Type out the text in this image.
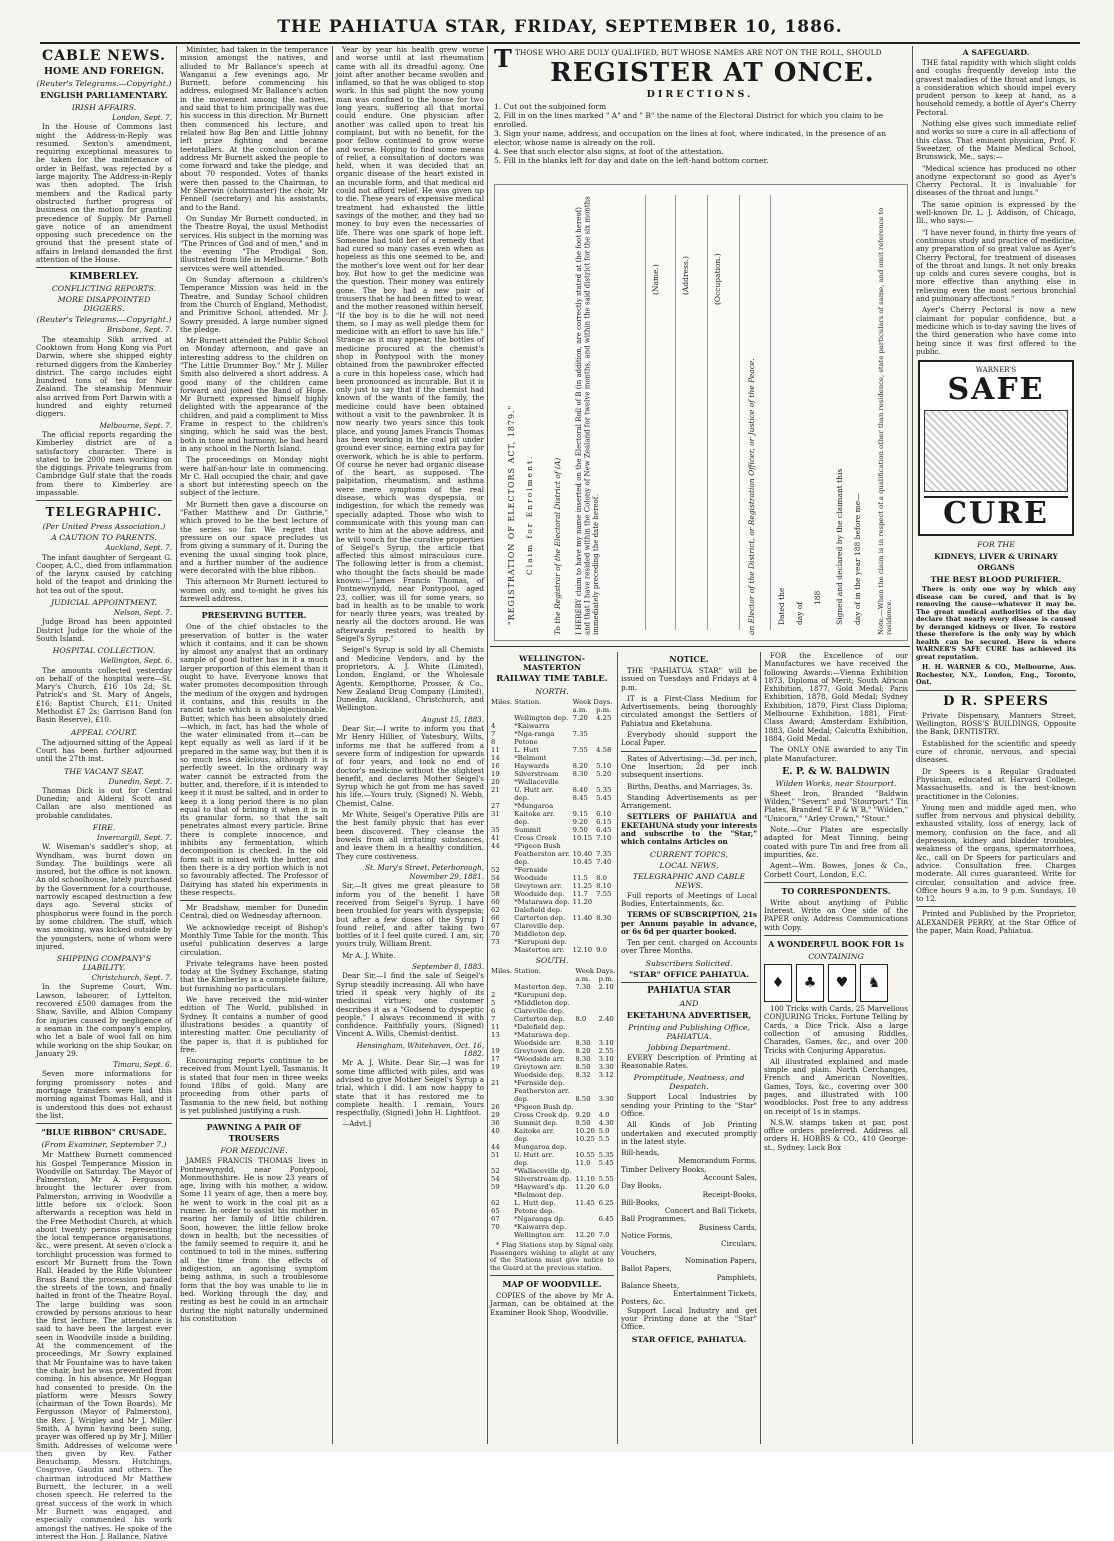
THE PAHIATUA STAR, FRIDAY, SEPTEMBER 10, 1886.
CABLE NEWS.
HOME AND FOREIGN.
(Reuter's Telegrams.—Copyright.)
ENGLISH PARLIAMENTARY.
IRISH AFFAIRS.
London, Sept. 7.

In the House of Commons last night the Address-in-Reply was resumed. Sexton's amendment, requiring exceptional measures to be taken for the maintenance of order in Belfast, was rejected by a large majority. The Address-in-Reply was then adopted. The Irish members and the Radical party obstructed further progress of business on the motion for granting precedence of Supply. Mr Parnell gave notice of an amendment opposing such precedence on the ground that the present state of affairs in Ireland demanded the first attention of the House.

KIMBERLEY.
CONFLICTING REPORTS.
MORE DISAPPOINTED DIGGERS.
(Reuter's Telegrams.—Copyright.)
Brisbane, Sept. 7.

The steamship Sikh arrived at Cooktown from Hong Kong via Port Darwin, where she shipped eighty returned diggers from the Kimberley district. The cargo includes eight hundred tons of tea for New Zealand. The steamship Menmuir also arrived from Port Darwin with a hundred and eighty returned diggers.

Melbourne, Sept. 7.

The official reports regarding the Kimberley district are of a satisfactory character. There is stated to be 2000 men working on the diggings. Private telegrams from Cambridge Gulf state that the roads from there to Kimberley are impassable.

TELEGRAPHIC.
(Per United Press Association.)
A CAUTION TO PARENTS.
Auckland, Sept. 7.

The infant daughter of Sergeant G. Cooper, A.C., died from inflammation of the larynx caused by catching hold of the teapot and drinking the hot tea out of the spout.

JUDICIAL APPOINTMENT.
Nelson, Sept. 7.

Judge Broad has been appointed District Judge for the whole of the South Island.

HOSPITAL COLLECTION.
Wellington, Sept. 6.

The amounts collected yesterday on behalf of the hospital were—St. Mary's Church, £16 10s 2d; St. Patrick's and St. Mary of Angels, £16; Baptist Church, £11; United Methodist £7 2s; Garrison Band (on Basin Reserve), £10.

APPEAL COURT.

The adjourned sitting of the Appeal Court has been further adjourned until the 27th inst.

THE VACANT SEAT.
Dunedin, Sept. 7.

Thomas Dick is out for Central Dunedin; and Alderal Scott and Callan are also mentioned as probable candidates.

FIRE.
Invercargill, Sept. 7.

W. Wiseman's saddler's shop, at Wyndham, was burnt down on Sunday. The buildings were all insured, but the office is not known. An old schoolhouse, lately purchased by the Government for a courthouse, narrowly escaped destruction a few days ago. Several sticks of phosphorus were found in the porch by some children. The stuff, which was smoking, was kicked outside by the youngsters, none of whom were injured.

SHIPPING COMPANY'S LIABILITY.
Christchurch, Sept. 7.

In the Supreme Court, Wm. Lawson, labourer, of Lyttelton, recovered £500 damages from the Shaw, Saville, and Albion Company for injuries caused by negligence of a seaman in the company's employ, who let a bale of wool fall on him while working on the ship Soukar, on January 29.

Timaru, Sept. 6.

Seven more informations for forging promissory notes and mortgage transfers were laid this morning against Thomas Hall, and it is understood this does not exhaust the list.

"BLUE RIBBON" CRUSADE.
(From Examiner, September 7.)

Mr Matthew Burnett commenced his Gospel Temperance Mission in Woodville on Saturday. The Mayor of Palmerston, Mr A. Fergusson, brought the lecturer over from Palmerston, arriving in Woodville a little before six o'clock. Soon afterwards a reception was held in the Free Methodist Church, at which about twenty persons representing the local temperance organisations, &c., were present. At seven o'clock a torchlight procession was formed to escort Mr Burnett from the Town Hall. Headed by the Rifle Volunteer Brass Band the procession paraded the streets of the town, and finally halted in front of the Theatre Royal. The large building was soon crowded by persons anxious to hear the first lecture. The attendance is said to have been the largest ever seen in Woodville inside a building. At the commencement of the proceedings, Mr Sowry explained that Mr Fountaine was to have taken the chair, but he was prevented from coming. In his absence, Mr Hoggan had consented to preside. On the platform were Messrs Sowry (chairman of the Town Boards), Mr Fergusson (Mayor of Palmerston), the Rev. J. Wrigley and Mr J. Miller Smith. A hymn having been sung, prayer was offered up by Mr J. Miller Smith. Addresses of welcome were then given by Rev. Father Beauchamp, Messrs. Hutchings, Cosgrove, Gaudin and others. The chairman introduced Mr Matthew Burnett, the lecturer, in a well chosen speech. He referred to the great success of the work in which Mr Burnett was engaged, and especially commended his work amongst the natives. He spoke of the interest the Hon. J. Ballance, Native

Minister, had taken in the temperance mission amongst the natives, and alluded to Mr Ballance's speech at Wanganui a few evenings ago. Mr Burnett, before commencing his address, eulogised Mr Ballance's action in the movement among the natives, and said that to him principally was due his success in this direction. Mr Burnett then commenced his lecture, and related how Big Ben and Little Johnny left prize fighting and became teetotallers. At the conclusion of the address Mr Burnett asked the people to come forward and take the pledge, and about 70 responded. Votes of thanks were then passed to the Chairman, to Mr Sherwin (choirmaster) the choir, Mr Fennell (secretary) and his assistants, and to the Band.

On Sunday Mr Burnett conducted, in the Theatre Royal, the usual Methodist services. His subject in the morning was "The Princes of God and of men," and in the evening "The Prodigal Son, illustrated from life in Melbourne." Both services were well attended.

On Sunday afternoon a children's Temperance Mission was held in the Theatre, and Sunday School children from the Church of England, Methodist, and Primitive School, attended. Mr J. Sowry presided. A large number signed the pledge.

Mr Burnett attended the Public School on Monday afternoon, and gave an interesting address to the children on "The Little Drummer Boy." Mr J. Miller Smith also delivered a short address. A good many of the children came forward and joined the Band of Hope. Mr Burnett expressed himself highly delighted with the appearance of the children, and paid a compliment to Miss Frame in respect to the children's singing, which he said was the best, both in tone and harmony, he had heard in any school in the North Island.

The proceedings on Monday night were half-an-hour late in commencing. Mr C. Hall occupied the chair, and gave a short but interesting speech on the subject of the lecture.

Mr Burnett then gave a discourse on "Father Matthew and Dr Guthrie," which proved to be the best lecture of the series so far. We regret that pressure on our space precludes us from giving a summary of it. During the evening the usual singing took place, and a further number of the audience were decorated with the blue ribbon.

This afternoon Mr Burnett lectured to women only, and to-night he gives his farewell address.

PRESERVING BUTTER.

One of the chief obstacles to the preservation of butter is the water which it contains, and it can be shown by almost any analyst that an ordinary sample of good butter has in it a much larger proportion of this element than it ought to have. Everyone knows that water promotes decomposition through the medium of the oxygen and hydrogen it contains, and this results in the rancid taste which is so objectionable. Butter, which has been absolutely dried—which, in fact, has had the whole of the water eliminated from it—can be kept equally as well as lard if it be prepared in the same way, but then it is so much less delicious, although it is perfectly sweet. In the ordinary way water cannot be extracted from the butter, and, therefore, if it is intended to keep it it must be salted, and in order to keep it a long period there is no plan equal to that of brining it when it is in its granular form, so that the salt penetrates almost every particle. Brine there is complete innocence, and inhibits any fermentation, which decomposition is checked. In the old form salt is mixed with the butter, and then there is a dry portion which is not so favourably affected. The Professor of Dairying has stated his experiments in these respects.

Mr Bradshaw, member for Dunedin Central, died on Wednesday afternoon.

We acknowledge receipt of Bishop's Monthly Time Table for the month. This useful publication deserves a large circulation.

Private telegrams have been posted today at the Sydney Exchange, stating that the Kimberley is a complete failure, but furnishing no particulars.

We have received the mid-winter edition of The World, published in Sydney. It contains a number of good illustrations besides a quantity of interesting matter. One peculiarity of the paper is, that it is published for free.

Encouraging reports continue to be received from Mount Lyell, Tasmania. It is stated that four men in three weeks found 18lbs of gold. Many are proceeding from other parts of Tasmania to the new field, but nothing is yet published justifying a rush.

PAWNING A PAIR OF TROUSERS
FOR MEDICINE.

JAMES FRANCIS THOMAS lives in Pontnewynydd, near Pontypool, Monmouthshire. He is now 23 years of age, living with his mother, a widow. Some 11 years of age, then a mere boy, he went to work in the coal pit as a runner. In order to assist his mother in rearing her family of little children. Soon, however, the little fellow broke down in health, but the necessities of the family seemed to require it, and he continued to toil in the mines, suffering all the time from the effects of indigestion, an agonising symptom being asthma, in such a troublesome form that the boy was unable to lie in bed. Working through the day, and resting as best he could in an armchair during the night naturally undermined his constitution

Year by year his health grew worse and worse until at last rheumatism came with all its dreadful agony. One joint after another became swollen and inflamed, so that he was obliged to stop work. In this sad plight the now young man was confined to the house for two long years, suffering all that mortal could endure. One physician after another was called upon to treat his complaint, but with no benefit, for the poor fellow continued to grow worse and worse. Hoping to find some means of relief, a consultation of doctors was held, when it was decided that an organic disease of the heart existed in an incurable form, and that medical aid could not afford relief. He was given up to die. These years of expensive medical treatment had exhausted the little savings of the mother, and they had no money to buy even the necessaries of life. There was one spark of hope left. Someone had told her of a remedy that had cured so many cases even when as hopeless as this one seemed to be, and the mother's love went out for her dear boy. But how to get the medicine was the question. Their money was entirely gone. The boy had a new pair of trousers that he had been fitted to wear, and the mother reasoned within herself, "If the boy is to die he will not need them, so I may as well pledge them for medicine with an effort to save his life." Strange as it may appear, the bottles of medicine procured at the chemist's shop in Pontypool with the money obtained from the pawnbroker effected a cure in this hopeless case, which had been pronounced as incurable. But it is only just to say that if the chemist had known of the wants of the family, the medicine could have been obtained without a visit to the pawnbroker. It is now nearly two years since this took place, and young James Francis Thomas has been working in the coal pit under ground ever since, earning extra pay for overwork, which he is able to perform. Of course he never had organic disease of the heart, as supposed. The palpitation, rheumatism, and asthma were mere symptoms of the real disease, which was dyspepsia, or indigestion, for which the remedy was specially adapted. Those who wish to communicate with this young man can write to him at the above address, and he will vouch for the curative properties of Seigel's Syrup, the article that affected this almost miraculous cure. The following letter is from a chemist, who thought the facts should be made known:—"James Francis Thomas, of Pontnewynydd, near Pontypool, aged 23, collier, was ill for some years, so bad in health as to be unable to work for nearly three years, was treated by nearly all the doctors around. He was afterwards restored to health by Seigel's Syrup."

Seigel's Syrup is sold by all Chemists and Medicine Vendors, and by the proprietors, A. J. White (Limited), London, England, or the Wholesale Agents, Kempthorne, Prosser, & Co., New Zealand Drug Company (Limited), Dunedin, Auckland, Christchurch, and Wellington.

August 15, 1883.

Dear Sir,—I write to inform you that Mr Henry Hillier, of Yatesbury, Wilts, informs me that he suffered from a severe form of indigestion for upwards of four years, and took no end of doctor's medicine without the slightest benefit, and declares Mother Seigel's Syrup which he got from me has saved his life.—Yours truly, (Signed) N. Webb, Chemist, Calne.

Mr White, Seigel's Operative Pills are the best family physic that has ever been discovered. They cleanse the bowels from all irritating substances, and leave them in a healthy condition. They cure costiveness.

St. Mary's Street, Peterborough,
November 29, 1881.

Sir,—It gives me great pleasure to inform you of the benefit I have received from Seigel's Syrup. I have been troubled for years with dyspepsia; but after a few doses of the Syrup I found relief, and after taking two bottles of it I feel quite cured. I am, sir, yours truly, William Brent.

Mr A. J. White.

September 8, 1883.

Dear Sir,—I find the sale of Seigel's Syrup steadily increasing. All who have tried it speak very highly of its medicinal virtues; one customer describes it as a "Godsend to dyspeptic people." I always recommend it with confidence. Faithfully yours, (Signed) Vincent A. Wills, Chemist-dentist.

Hensingham, Whitehaven, Oct. 16, 1882.

Mr A. J. White. Dear Sir,—I was for some time afflicted with piles, and was advised to give Mother Seigel's Syrup a trial, which I did. I am now happy to state that it has restored me to complete health. I remain, Yours respectfully, (Signed) John H. Lightfoot.

—Advt.]

T THOSE WHO ARE DULY QUALIFIED, BUT WHOSE NAMES ARE NOT ON THE ROLL, SHOULD
REGISTER AT ONCE.
DIRECTIONS.
1. Cut out the subjoined form
2. Fill in on the lines marked " A" and " B" the name of the Electoral District for which you claim to be enrolled.
3. Sign your name, address, and occupation on the lines at foot, where indicated, in the presence of an elector, whose name is already on the roll.
4. See that such elector also signs, at foot of the attestation.
5. Fill in the blanks left for day and date on the left-hand bottom corner.
"REGISTRATION OF ELECTORS ACT, 1879." Claim for Enrolment.	To the Registrar of the Electoral District of (A) I HEREBY claim to have my name inserted on the Electoral Roll of B (in addition, are correctly stated at the foot hereof) and that I have resided within the Colony of New Zealand for twelve months, and within the said district for the six months immediately preceding the date hereof.
(Name.)	(Address.)	(Occupation.)
an Elector of the District, or Registration Officer, or Justice of the Peace.	Dated the day of
188 Signed and declared by the claimant this day of in the year 188 before me— Note.—When the claim is in respect of a qualification other than residence, state particulars of same, and omit reference to residence.
WELLINGTON-MASTERTON
RAILWAY TIME TABLE.
NORTH.
Miles.	Station.	Week Days.	
		a.m.	p.m.
	Wellington dep.	7.20	4.25
4	*Kaiwarra		
7	*Nga-ranga	7.35	
8	Petone		
11	L. Hutt	7.55	4.58
14	*Belmont		
16	Haywards	8.20	5.10
19	Silverstream	8.30	5.20
20	*Wallaceville		
21	U. Hutt arr.	8.40	5.35
	dep.	8.45	5.45
27	*Mungaroa		
31	Kaitoke arr.	9.15	6.10
	dep.	9.20	6.15
35	Summit	9.50	6.45
41	Cross Creek	10.15	7.10
44	*Pigeon Bush		
	Featherston arr.	10.40	7.35
	dep.	10.45	7.40
52	*Fernside		
54	Woodside	11.5	8.0
58	Greytown arr.	11.25	8.10
58	Woodside dep.	11.7	7.55
60	*Matarawa dep.	11.20	
62	Dalefield dep.		
66	Carterton dep.	11.40	8.30
67	Clareville dep.		
70	Middleton dep.		
73	*Kurupuni dep.		
	Masterton arr.	12.10	9.0
SOUTH.
Miles.	Station.	Week Days.	
		a.m.	p.m.
	Masterton dep.	7.30	2.10
2	*Kurupuni dep.		
5	*Middleton dep.		
6	Clareville dep.		
7	Carterton dep.	8.0	2.40
11	*Dalefield dep.		
13	*Matarawa dep.		
	Woodside arr.	8.30	3.10
19	Greytown dep.	8.20	2.55
17	*Woodside arr.	8.30	3.10
19	Greytown arr.	8.50	3.30
	Woodside dep.	8.32	3.12
21	*Fernside dep.		
	Featherston arr.		
	dep.	8.50	3.30
26	*Pigeon Bush dp.		
29	Cross Creek dp.	9.20	4.0
36	Summit dep.	9.50	4.30
40	Kaitoke arr.	10.20	5.0
	dep.	10.25	5.5
44	Mungaroa dep.		
51	U. Hutt arr.	10.55	5.35
	dep.	11.0	5.45
52	*Wallaceville dp.		
54	Silverstream dp.	11.10	5.55
59	*Hayward's dp.	11.20	6.0
	*Belmont dep.		
62	L. Hutt dep.	11.45	6.25
65	Petone dep.		
67	*Ngaranga dp.		6.45
70	*Kaiwarra dep.		
	Wellington arr.	12.20	7.0

* Flag Stations stop by Signal only. Passengers wishing to alight at any of the Stations must give notice to the Guard at the previous station.

MAP OF WOODVILLE.

COPIES of the above by Mr A. Jarman, can be obtained at the Examiner Book Shop, Woodville.

NOTICE.

THE "PAHIATUA STAR" will be issued on Tuesdays and Fridays at 4 p.m.

IT is a First-Class Medium for Advertisements, being thoroughly circulated amongst the Settlers of Pahiatua and Eketahuna.

Everybody should support the Local Paper.

Rates of Advertising:—3d. per inch, One Insertion; 2d per inch subsequent insertions.

Births, Deaths, and Marriages, 3s.

Standing Advertisements as per Arrangement.

SETTLERS OF PAHIATUA and EKETAHUNA study your interests and subscribe to the "Star," which contains Articles on

CURRENT TOPICS,
LOCAL NEWS,
TELEGRAPHIC AND CABLE NEWS.

Full reports of Meetings of Local Bodies, Entertainments, &c.

TERMS OF SUBSCRIPTION, 21s per Annum payable in advance, or 6s 6d per quarter booked.

Ten per cent. charged on Accounts over Three Months.

Subscribers Solicited.
"STAR" OFFICE PAHIATUA.
PAHIATUA STAR
AND
EKETAHUNA ADVERTISER,
Printing and Publishing Office, PAHIATUA.
Jobbing Department.

EVERY Description of Printing at Reasonable Rates.

Promptitude, Neatness, and Despatch.

Support Local Industries by sending your Printing to the "Star" Office.

All Kinds of Job Printing undertaken and executed promptly in the latest style.

Bill-heads,
Memorandum Forms,
Timber Delivery Books,
Account Sales,
Day Books,
Receipt-Books,
Bill-Books,
Concert and Ball Tickets,
Ball Programmes,
Business Cards,
Notice Forms,
Circulars,
Vouchers,
Nomination Papers,
Ballot Papers,
Pamphlets,
Balance Sheets,
Entertainment Tickets,
Posters, &c.

Support Local Industry and get your Printing done at the "Star" Office.

STAR OFFICE, PAHIATUA.

FOR the Excellence of our Manufactures we have received the following Awards:—Vienna Exhibition 1873, Diploma of Merit; South African Exhibition, 1877, Gold Medal; Paris Exhibition, 1878, Gold Medal; Sydney Exhibition, 1879, First Class Diploma; Melbourne Exhibition, 1881, First-Class Award; Amsterdam Exhibition, 1883, Gold Medal; Calcutta Exhibition, 1884, Gold Medal.

The ONLY ONE awarded to any Tin plate Manufacturer.

E. P. & W. BALDWIN
Wilden Works, near Stourport.

Sheet Iron, Branded "Baldwin Wilden," "Severn" and "Stourport." Tin Plates, Branded "E P & W B," "Wilden," "Unicorn," "Arley Crown," "Stour."

Note.—Our Plates are especially adapted for Meat Tinning, being coated with pure Tin and free from all impurities, &c.

Agent—Wm. Bowes, Jones & Co., Corbett Court, London, E.C.

TO CORRESPONDENTS.

Write about anything of Public Interest. Write on One side of the PAPER only. Address Communications with Copy.

A WONDERFUL BOOK FOR 1s
CONTAINING
♦	♣	♥	♞

100 Tricks with Cards, 25 Marvellous CONJURING Tricks, Fortune Telling by Cards, a Dice Trick. Also a large collection of amusing Riddles, Charades, Games, &c., and over 200 Tricks with Conjuring Apparatus.

All illustrated explained and made simple and plain. North Cerchanges, French and American Novelties, Games, Toys, &c., covering over 300 pages, and illustrated with 100 woodblocks. Post free to any address on receipt of 1s in stamps.

N.S.W. stamps taken at par, post office orders preferred. Address all orders H. HOBBS & CO., 410 George-st., Sydney. Lock Box

A SAFEGUARD.

THE fatal rapidity with which slight colds and coughs frequently develop into the gravest maladies of the throat and lungs, is a consideration which should impel every prudent person to keep at hand, as a household remedy, a bottle of Ayer's Cherry Pectoral.

Nothing else gives such immediate relief and works so sure a cure in all affections of this class. That eminent physician, Prof. F. Sweetzer, of the Maine Medical School, Brunswick, Me., says:—

"Medical science has produced no other anodyne expectorant so good as Ayer's Cherry Pectoral. It is invaluable for diseases of the throat and lungs."

The same opinion is expressed by the well-known Dr. L. J. Addison, of Chicago, Ill., who says:—

"I have never found, in thirty five years of continuous study and practice of medicine, any preparation of so great value as Ayer's Cherry Pectoral, for treatment of diseases of the throat and lungs. It not only breaks up colds and cures severe coughs, but is more effective than anything else in relieving even the most serious bronchial and pulmonary affections."

Ayer's Cherry Pectoral is now a new claimant for popular confidence, but a medicine which is to-day saving the lives of the third generation who have come into being since it was first offered to the public.

WARNER'S
SAFE
CURE
FOR THE
KIDNEYS, LIVER & URINARY ORGANS
THE BEST BLOOD PURIFIER.

There is only one way by which any disease can be cured, and that is by removing the cause—whatever it may be. The great medical authorities of the day declare that nearly every disease is caused by deranged kidneys or liver. To restore these therefore is the only way by which health can be secured. Here is where WARNER'S SAFE CURE has achieved its great reputation.

H. H. WARNER & CO., Melbourne, Aus. Rochester, N.Y., London, Eng., Toronto, Ont.

D R. SPEERS

Private Dispensary, Manners Street, Wellington, ROSS'S BUILDINGS, Opposite the Bank, DENTISTRY.

Established for the scientific and speedy cure of chronic, nervous, and special diseases.

Dr Speers is a Regular Graduated Physician, educated at Harvard College, Massachusetts, and is the best-known practitioner in the Colonies.

Young men and middle aged men, who suffer from nervous and physical debility, exhausted vitality, loss of energy, lack of memory, confusion on the face, and all depression, kidney and bladder troubles, weakness of the organs, spermatorrhoea, &c., call on Dr Speers for particulars and advice. Consultation free. Charges moderate. All cures guaranteed. Write for circular, consultation and advice free. Office hours 9 a.m. to 9 p.m. Sundays, 10 to 12.

Printed and Published by the Proprietor, ALEXANDER PERRY, at the Star Office of the paper, Main Road, Pahiatua.
